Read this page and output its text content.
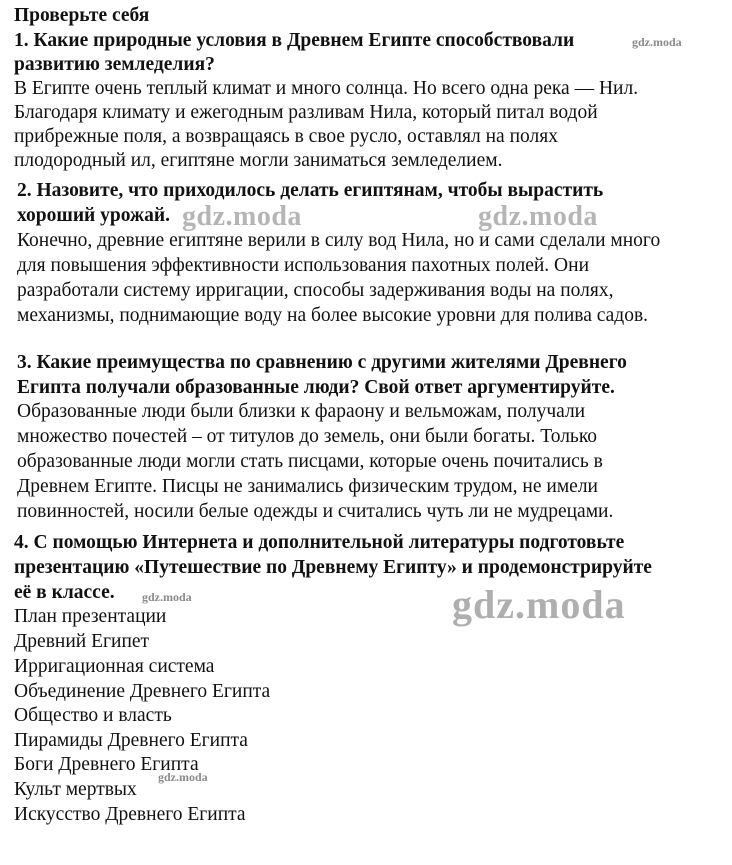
Проверьте себя
1. Какие природные условия в Древнем Египте способствовали
развитию земледелия?
В Египте очень теплый климат и много солнца. Но всего одна река — Нил.
Благодаря климату и ежегодным разливам Нила, который питал водой
прибрежные поля, а возвращаясь в свое русло, оставлял на полях
плодородный ил, египтяне могли заниматься земледелием.
2. Назовите, что приходилось делать египтянам, чтобы вырастить
хороший урожай.
Конечно, древние египтяне верили в силу вод Нила, но и сами сделали много
для повышения эффективности использования пахотных полей. Они
разработали систему ирригации, способы задерживания воды на полях,
механизмы, поднимающие воду на более высокие уровни для полива садов.
3. Какие преимущества по сравнению с другими жителями Древнего
Египта получали образованные люди? Свой ответ аргументируйте.
Образованные люди были близки к фараону и вельможам, получали
множество почестей – от титулов до земель, они были богаты. Только
образованные люди могли стать писцами, которые очень почитались в
Древнем Египте. Писцы не занимались физическим трудом, не имели
повинностей, носили белые одежды и считались чуть ли не мудрецами.
4. С помощью Интернета и дополнительной литературы подготовьте
презентацию «Путешествие по Древнему Египту» и продемонстрируйте
её в классе.
План презентации
Древний Египет
Ирригационная система
Объединение Древнего Египта
Общество и власть
Пирамиды Древнего Египта
Боги Древнего Египта
Культ мертвых
Искусство Древнего Египта
gdz.moda
gdz.moda	gdz.moda
gdz.moda	gdz.moda
gdz.moda
